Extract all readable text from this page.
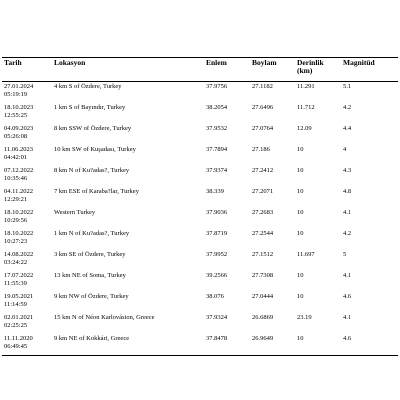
Tarih	Lokasyon	Enlem	Boylam	Derinlik (km)	Magnitüd

27.01.2024
05:19:19	4 km S of Özdere, Turkey	37.9756	27.1182	11.291	5.1

18.10.2023
12:55:25	1 km S of Bayındır, Turkey	38.2054	27.6496	11.712	4.2

04.09.2023
05:26:08	8 km SSW of Özdere, Turkey	37.9532	27.0764	12.09	4.4

11.06.2023
04:42:01	10 km SW of Kuşadası, Turkey	37.7894	27.186	10	4

07.12.2022
10:35:46	8 km N of Ku?adas?, Turkey	37.9374	27.2412	10	4.3

04.11.2022
12:29:21	7 km ESE of Karaba?lar, Turkey	38.339	27.2071	10	4.8

18.10.2022
10:29:56	Western Turkey	37.9036	27.2683	10	4.1

18.10.2022
10:27:23	1 km N of Ku?adas?, Turkey	37.8719	27.2544	10	4.2

14.08.2022
03:24:22	3 km SE of Özdere, Turkey	37.9952	27.1512	11.697	5

17.07.2022
11:55:39	13 km NE of Soma, Turkey	39.2566	27.7308	10	4.1

19.05.2021
11:14:59	9 km NW of Özdere, Turkey	38.076	27.0444	10	4.6

02.01.2021
02:25:25	15 km N of Néon Karlovásion, Greece	37.9324	26.6869	23.19	4.1

11.11.2020
06:49:45	9 km NE of Kokkári, Greece	37.8478	26.9649	10	4.6
